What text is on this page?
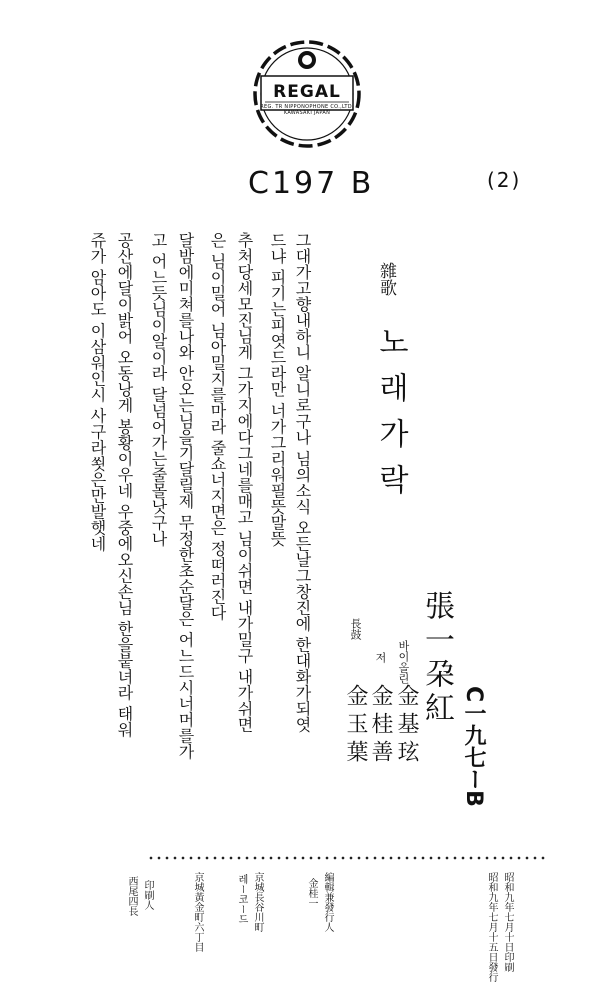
REGAL
REG. TR NIPPONOPHONE CO.,LTD. KAWASAKI JAPAN
C197 B	(2)
雜歌
노래가락
그대가고향내하니 알니로구나 님의소식 오든날그창진에 한대화가되엿
드냐 피기는피엿드라만 너가그리워필뜻말뜻
추처당세모진님게 그가지에다그네를매고 님이쉬면 내가밀구 내가쉬면
은 님이밀어 님아밀지를마라 줄쇼너지면은 정떠러진다
달밤에미쳐를나와 안오는님을기달릴제 무정한초순달은 어느드시너머를가
고 어느듯님이알이라 달넘어가는줄몰낫구나
공산에달이밝어 오동낭게 봉황이우네 우중에오신손님 한을붙녀라 태워
쥬가 암아도 이삼워인시 사구라쐿은만발햇네
張一朶紅
바이올린
저
長鼓
金基玹
金桂善
金玉葉	C一九七ーB
昭和九年七月十日印刷
昭和九年七月十五日發行
編輯兼發行人
金桂一
京城長谷川町
레ー코ー드
京城黃金町六丁目
印刷人
西尾四長
